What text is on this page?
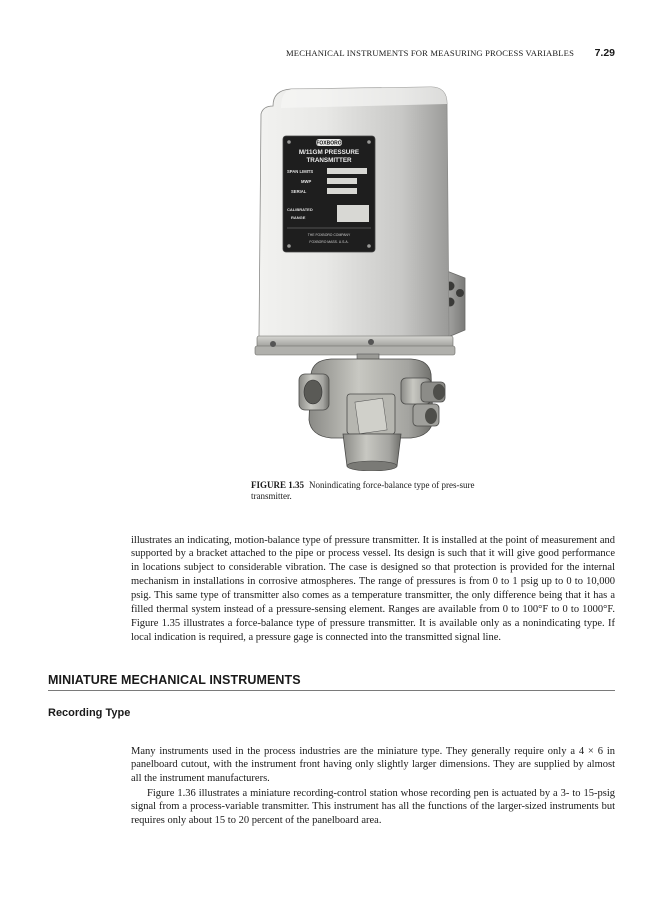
MECHANICAL INSTRUMENTS FOR MEASURING PROCESS VARIABLES 7.29
FOXBORO
M/11GM PRESSURE
TRANSMITTER
SPAN LIMITS
MWP
SERIAL
CALIBRATED
RANGE
THE FOXBORO COMPANY
FOXBORO MASS. U.S.A.
FIGURE 1.35 Nonindicating force-balance type of pres-sure transmitter.

illustrates an indicating, motion-balance type of pressure transmitter. It is installed at the point of measurement and supported by a bracket attached to the pipe or process vessel. Its design is such that it will give good performance in locations subject to considerable vibration. The case is designed so that protection is provided for the internal mechanism in installations in corrosive atmospheres. The range of pressures is from 0 to 1 psig up to 0 to 10,000 psig. This same type of transmitter also comes as a temperature transmitter, the only difference being that it has a filled thermal system instead of a pressure-sensing element. Ranges are available from 0 to 100°F to 0 to 1000°F. Figure 1.35 illustrates a force-balance type of pressure transmitter. It is available only as a nonindicating type. If local indication is required, a pressure gage is connected into the transmitted signal line.

MINIATURE MECHANICAL INSTRUMENTS
Recording Type

Many instruments used in the process industries are the miniature type. They generally require only a 4 × 6 in panelboard cutout, with the instrument front having only slightly larger dimensions. They are supplied by almost all the instrument manufacturers.

Figure 1.36 illustrates a miniature recording-control station whose recording pen is actuated by a 3- to 15-psig signal from a process-variable transmitter. This instrument has all the functions of the larger-sized instruments but requires only about 15 to 20 percent of the panelboard area.
